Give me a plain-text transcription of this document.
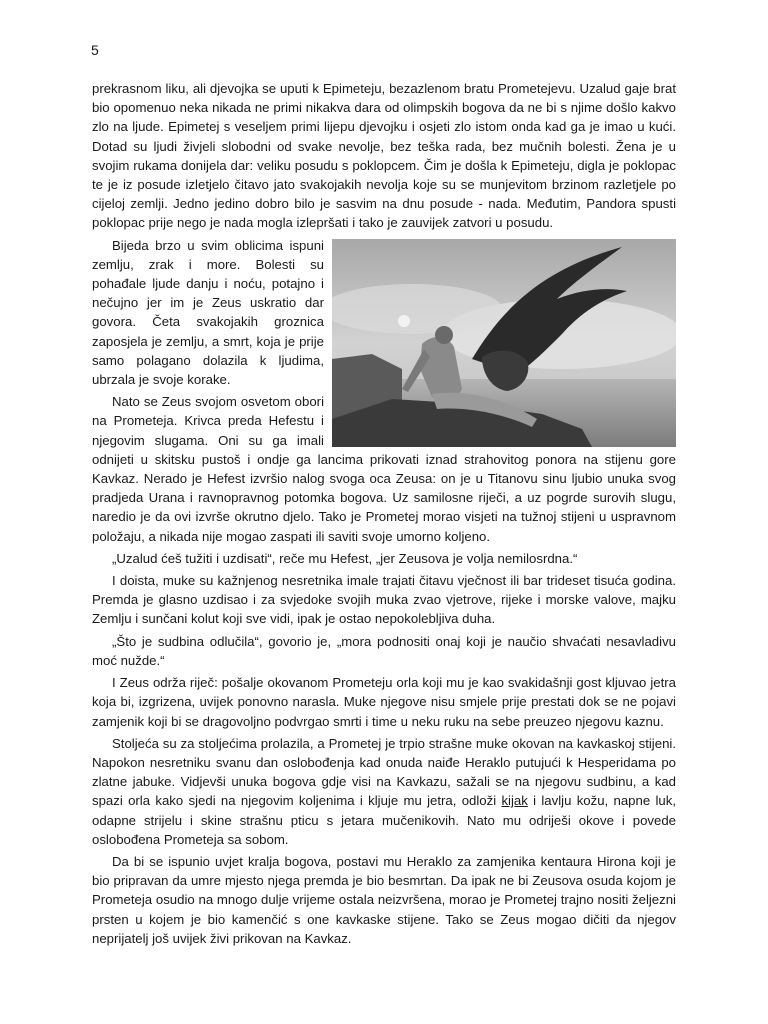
5

prekrasnom liku, ali djevojka se uputi k Epimeteju, bezazlenom bratu Prometejevu. Uzalud gaje brat bio opomenuo neka nikada ne primi nikakva dara od olimpskih bogova da ne bi s njime došlo kakvo zlo na ljude. Epimetej s veseljem primi lijepu djevojku i osjeti zlo istom onda kad ga je imao u kući. Dotad su ljudi živjeli slobodni od svake nevolje, bez teška rada, bez mučnih bolesti. Žena je u svojim rukama donijela dar: veliku posudu s poklopcem. Čim je došla k Epimeteju, digla je poklopac te je iz posude izletjelo čitavo jato svakojakih nevolja koje su se munjevitom brzinom razletjele po cijeloj zemlji. Jedno jedino dobro bilo je sasvim na dnu posude - nada. Međutim, Pandora spusti poklopac prije nego je nada mogla izlepršati i tako je zauvijek zatvori u posudu.

Bijeda brzo u svim oblicima ispuni zemlju, zrak i more. Bolesti su pohađale ljude danju i noću, potajno i nečujno jer im je Zeus uskratio dar govora. Četa svakojakih groznica zaposjela je zemlju, a smrt, koja je prije samo polagano dolazila k ljudima, ubrzala je svoje korake.

Nato se Zeus svojom osvetom obori na Prometeja. Krivca preda Hefestu i njegovim slugama. Oni su ga imali odnijeti u skitsku pustoš i ondje ga lancima prikovati iznad strahovitog ponora na stijenu gore Kavkaz. Nerado je Hefest izvršio nalog svoga oca Zeusa: on je u Titanovu sinu ljubio unuka svog pradjeda Urana i ravnopravnog potomka bogova. Uz samilosne riječi, a uz pogrde surovih slugu, naredio je da ovi izvrše okrutno djelo. Tako je Prometej morao visjeti na tužnoj stijeni u uspravnom položaju, a nikada nije mogao zaspati ili saviti svoje umorno koljeno.

„Uzalud ćeš tužiti i uzdisati“, reče mu Hefest, „jer Zeusova je volja nemilosrdna.“

I doista, muke su kažnjenog nesretnika imale trajati čitavu vječnost ili bar trideset tisuća godina. Premda je glasno uzdisao i za svjedoke svojih muka zvao vjetrove, rijeke i morske valove, majku Zemlju i sunčani kolut koji sve vidi, ipak je ostao nepokolebljiva duha.

„Što je sudbina odlučila“, govorio je, „mora podnositi onaj koji je naučio shvaćati nesavladivu moć nužde.“

I Zeus održa riječ: pošalje okovanom Prometeju orla koji mu je kao svakidašnji gost kljuvao jetra koja bi, izgrizena, uvijek ponovno narasla. Muke njegove nisu smjele prije prestati dok se ne pojavi zamjenik koji bi se dragovoljno podvrgao smrti i time u neku ruku na sebe preuzeo njegovu kaznu.

Stoljeća su za stoljećima prolazila, a Prometej je trpio strašne muke okovan na kavkaskoj stijeni. Napokon nesretniku svanu dan oslobođenja kad onuda naiđe Heraklo putujući k Hesperidama po zlatne jabuke. Vidjevši unuka bogova gdje visi na Kavkazu, sažali se na njegovu sudbinu, a kad spazi orla kako sjedi na njegovim koljenima i kljuje mu jetra, odloži kijak i lavlju kožu, napne luk, odapne strijelu i skine strašnu pticu s jetara mučenikovih. Nato mu odriješi okove i povede oslobođena Prometeja sa sobom.

Da bi se ispunio uvjet kralja bogova, postavi mu Heraklo za zamjenika kentaura Hirona koji je bio pripravan da umre mjesto njega premda je bio besmrtan. Da ipak ne bi Zeusova osuda kojom je Prometeja osudio na mnogo dulje vrijeme ostala neizvršena, morao je Prometej trajno nositi željezni prsten u kojem je bio kamenčić s one kavkaske stijene. Tako se Zeus mogao dičiti da njegov neprijatelj još uvijek živi prikovan na Kavkaz.
